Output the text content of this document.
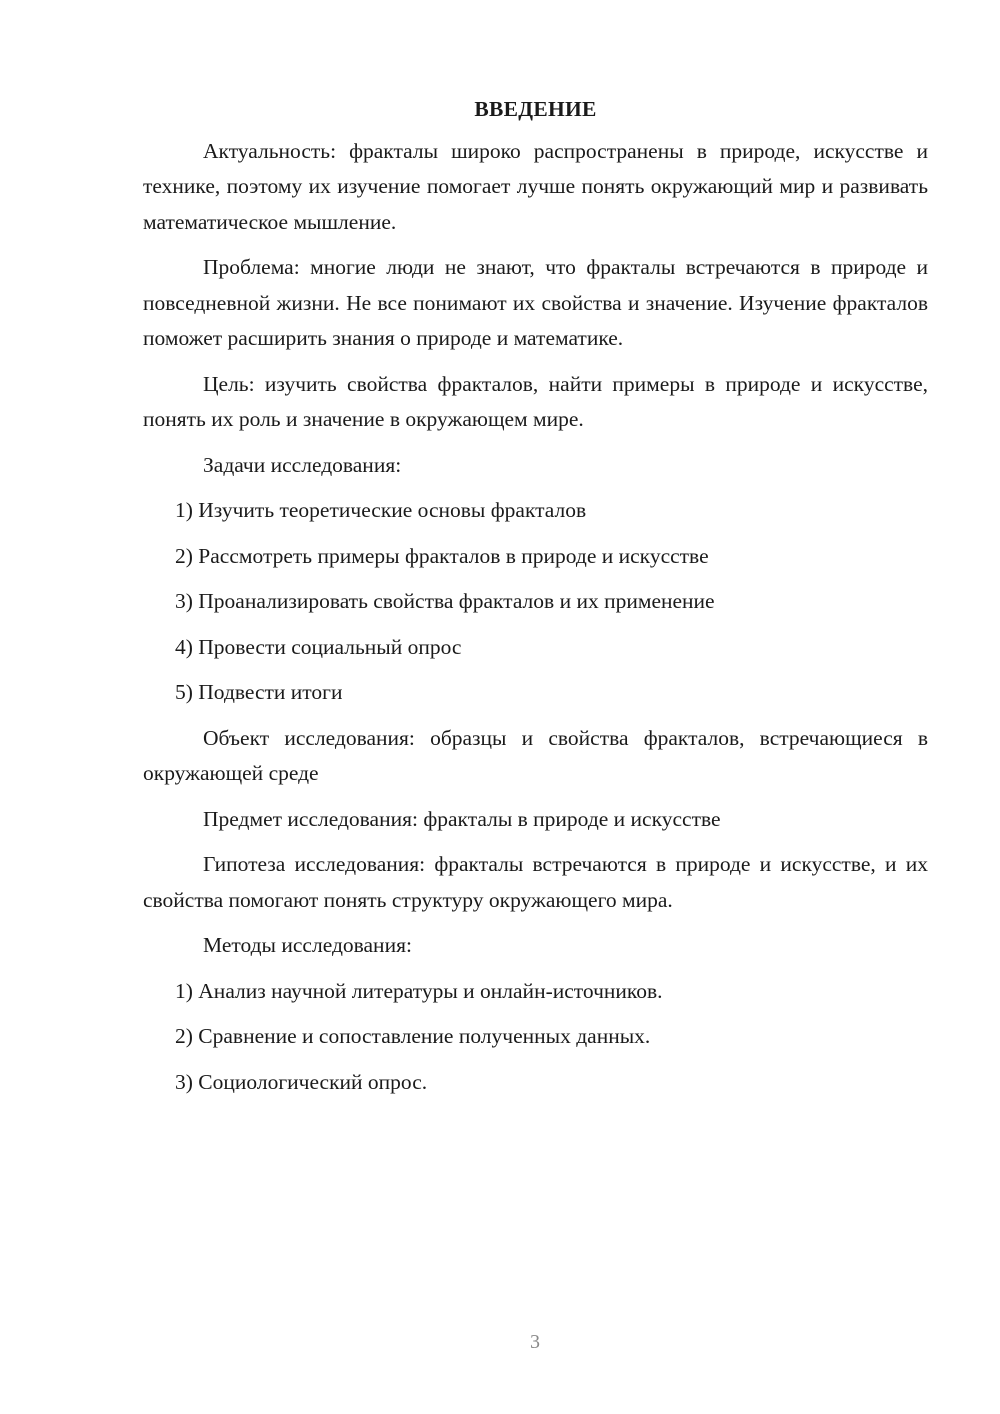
ВВЕДЕНИЕ

Актуальность: фракталы широко распространены в природе, искусстве и технике, поэтому их изучение помогает лучше понять окружающий мир и развивать математическое мышление.

Проблема: многие люди не знают, что фракталы встречаются в природе и повседневной жизни. Не все понимают их свойства и значение. Изучение фракталов поможет расширить знания о природе и математике.

Цель: изучить свойства фракталов, найти примеры в природе и искусстве, понять их роль и значение в окружающем мире.

Задачи исследования:

1) Изучить теоретические основы фракталов

2) Рассмотреть примеры фракталов в природе и искусстве

3) Проанализировать свойства фракталов и их применение

4) Провести социальный опрос

5) Подвести итоги

Объект исследования: образцы и свойства фракталов, встречающиеся в окружающей среде

Предмет исследования: фракталы в природе и искусстве

Гипотеза исследования: фракталы встречаются в природе и искусстве, и их свойства помогают понять структуру окружающего мира.

Методы исследования:

1) Анализ научной литературы и онлайн-источников.

2) Сравнение и сопоставление полученных данных.

3) Социологический опрос.

3
